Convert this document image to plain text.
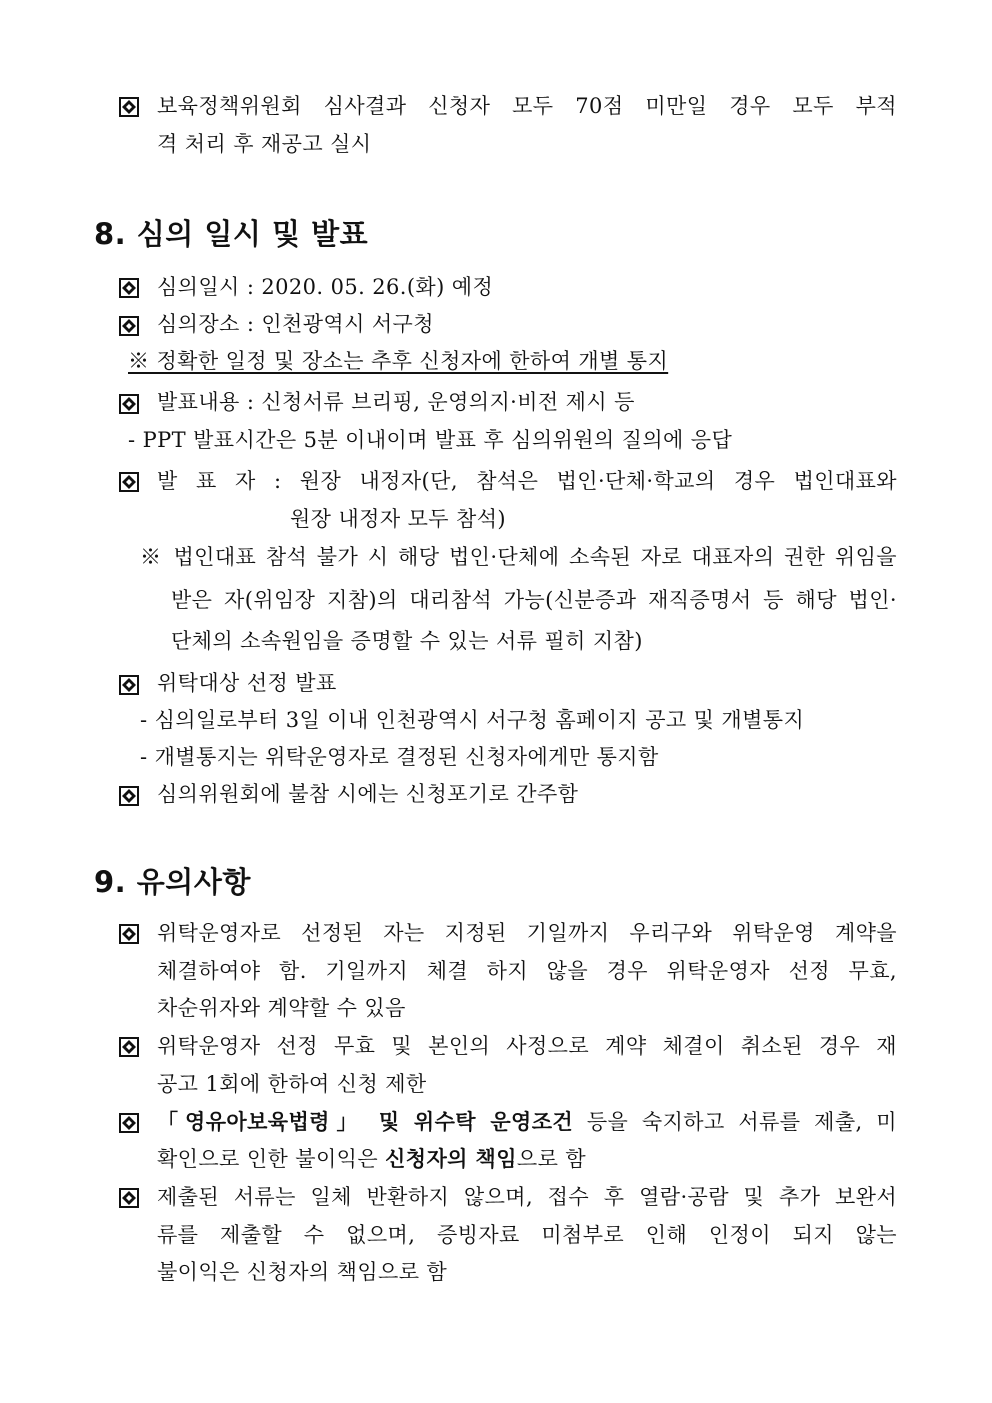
보육정책위원회 심사결과 신청자 모두 70점 미만일 경우 모두 부적
격 처리 후 재공고 실시
8. 심의 일시 및 발표
심의일시 : 2020. 05. 26.(화) 예정
심의장소 : 인천광역시 서구청
※ 정확한 일정 및 장소는 추후 신청자에 한하여 개별 통지
발표내용 : 신청서류 브리핑, 운영의지·비전 제시 등
- PPT 발표시간은 5분 이내이며 발표 후 심의위원의 질의에 응답
발 표 자 : 원장 내정자(단, 참석은 법인·단체·학교의 경우 법인대표와
원장 내정자 모두 참석)
※ 법인대표 참석 불가 시 해당 법인·단체에 소속된 자로 대표자의 권한 위임을
받은 자(위임장 지참)의 대리참석 가능(신분증과 재직증명서 등 해당 법인·
단체의 소속원임을 증명할 수 있는 서류 필히 지참)
위탁대상 선정 발표
- 심의일로부터 3일 이내 인천광역시 서구청 홈페이지 공고 및 개별통지
- 개별통지는 위탁운영자로 결정된 신청자에게만 통지함
심의위원회에 불참 시에는 신청포기로 간주함
9. 유의사항
위탁운영자로 선정된 자는 지정된 기일까지 우리구와 위탁운영 계약을
체결하여야 함. 기일까지 체결 하지 않을 경우 위탁운영자 선정 무효,
차순위자와 계약할 수 있음
위탁운영자 선정 무효 및 본인의 사정으로 계약 체결이 취소된 경우 재
공고 1회에 한하여 신청 제한
「영유아보육법령」 및 위수탁 운영조건 등을 숙지하고 서류를 제출, 미
확인으로 인한 불이익은 신청자의 책임으로 함
제출된 서류는 일체 반환하지 않으며, 접수 후 열람·공람 및 추가 보완서
류를 제출할 수 없으며, 증빙자료 미첨부로 인해 인정이 되지 않는
불이익은 신청자의 책임으로 함
